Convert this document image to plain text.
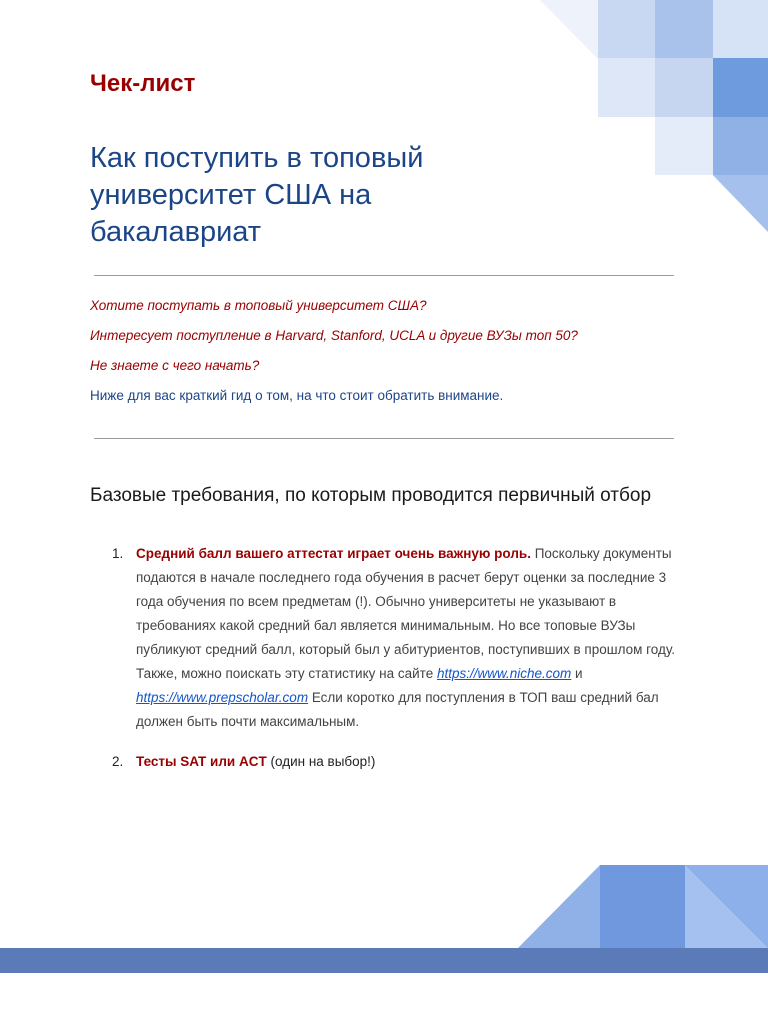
Чек-лист
Как поступить в топовый университет США на бакалавриат

Хотите поступать в топовый университет США?

Интересует поступление в Harvard, Stanford, UCLA и другие ВУЗы топ 50?

Не знаете с чего начать?

Ниже для вас краткий гид о том, на что стоит обратить внимание.

Базовые требования, по которым проводится первичный отбор
1. Средний балл вашего аттестат играет очень важную роль. Поскольку документы подаются в начале последнего года обучения в расчет берут оценки за последние 3 года обучения по всем предметам (!). Обычно университеты не указывают в требованиях какой средний бал является минимальным. Но все топовые ВУЗы публикуют средний балл, который был у абитуриентов, поступивших в прошлом году. Также, можно поискать эту статистику на сайте https://www.niche.com и https://www.prepscholar.com Если коротко для поступления в ТОП ваш средний бал должен быть почти максимальным.
2. Тесты SAT или ACT (один на выбор!)
